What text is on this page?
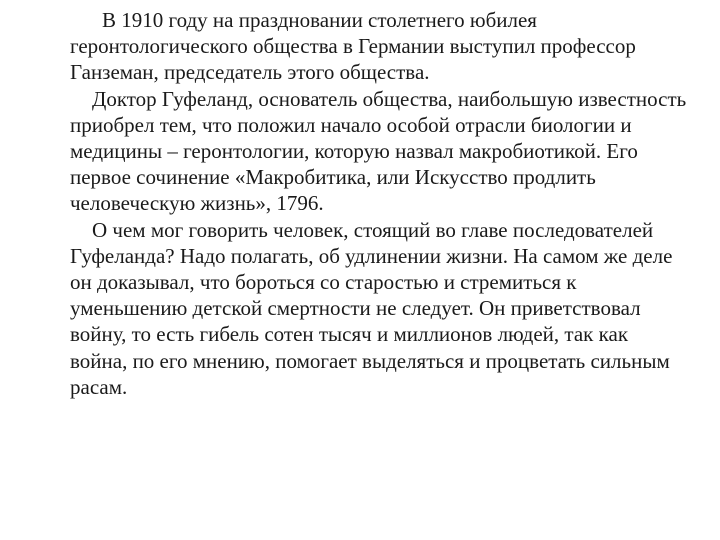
В 1910 году на праздновании столетнего юбилея геронтологического общества в Германии выступил профессор Ганземан, председатель этого общества.

Доктор Гуфеланд, основатель общества, наибольшую известность приобрел тем, что положил начало особой отрасли биологии и медицины – геронтологии, которую назвал макробиотикой. Его первое сочинение «Макробитика, или Искусство продлить человеческую жизнь», 1796.

О чем мог говорить человек, стоящий во главе последователей Гуфеланда? Надо полагать, об удлинении жизни. На самом же деле он доказывал, что бороться со старостью и стремиться к уменьшению детской смертности не следует. Он приветствовал войну, то есть гибель сотен тысяч и миллионов людей, так как война, по его мнению, помогает выделяться и процветать сильным расам.
